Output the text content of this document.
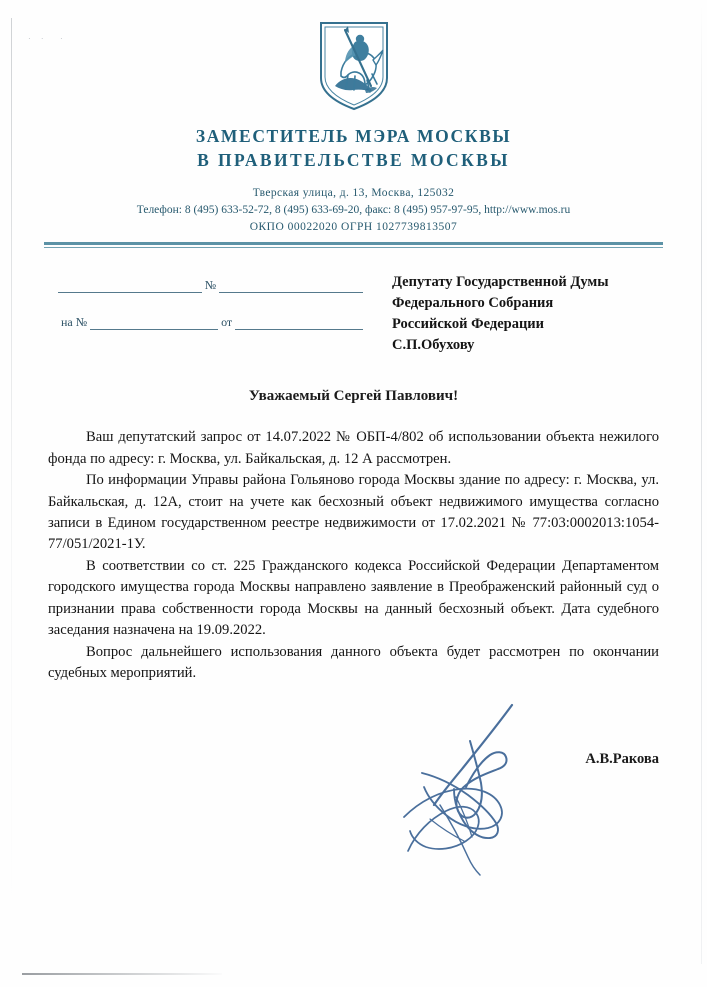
· ·  ·
ЗАМЕСТИТЕЛЬ МЭРА МОСКВЫ
В ПРАВИТЕЛЬСТВЕ МОСКВЫ
Тверская улица, д. 13, Москва, 125032
Телефон: 8 (495) 633-52-72, 8 (495) 633-69-20, факс: 8 (495) 957-97-95, http://www.mos.ru
ОКПО 00022020 ОГРН 1027739813507
№
на №	от
Депутату Государственной Думы
Федерального Собрания
Российской Федерации
С.П.Обухову
Уважаемый Сергей Павлович!

Ваш депутатский запрос от 14.07.2022 № ОБП-4/802 об использовании объекта нежилого фонда по адресу: г. Москва, ул. Байкальская, д. 12 А рассмотрен.

По информации Управы района Гольяново города Москвы здание по адресу: г. Москва, ул. Байкальская, д. 12А, стоит на учете как бесхозный объект недвижимого имущества согласно записи в Едином государственном реестре недвижимости от 17.02.2021 № 77:03:0002013:1054-77/051/2021-1У.

В соответствии со ст. 225 Гражданского кодекса Российской Федерации Департаментом городского имущества города Москвы направлено заявление в Преображенский районный суд о признании права собственности города Москвы на данный бесхозный объект. Дата судебного заседания назначена на 19.09.2022.

Вопрос дальнейшего использования данного объекта будет рассмотрен по окончании судебных мероприятий.

А.В.Ракова
